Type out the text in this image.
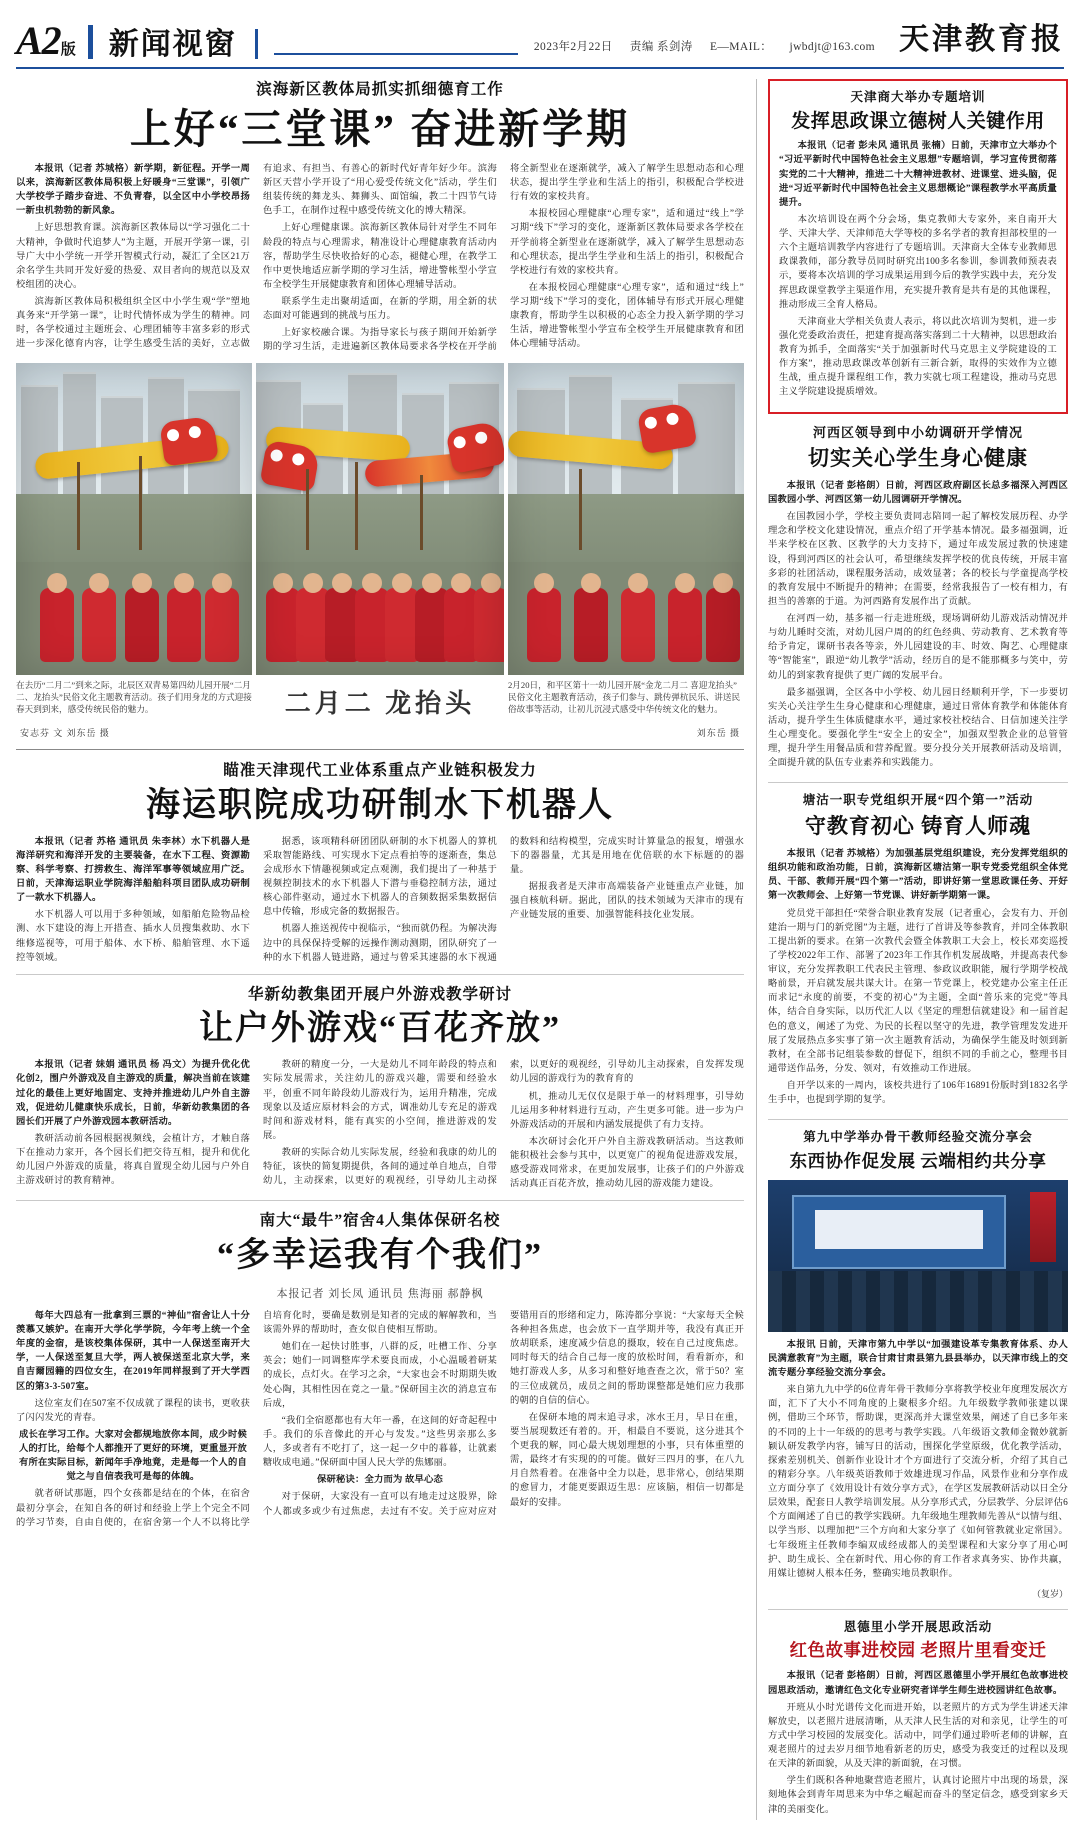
A2版 新闻视窗	2023年2月22日 责编 系剑涛 E—MAIL： jwbdjt@163.com 天津教育报
滨海新区教体局抓实抓细德育工作
上好“三堂课” 奋进新学期

本报讯（记者 苏城格）新学期，新征程。开学一周以来，滨海新区教体局积极上好暖身“三堂课”，引领广大学校学子踏步奋进、不负青春，以全区中小学校昂扬一新虫机勃勃的新风象。

上好思想教育课。滨海新区教体局以“学习强化二十大精神，争做时代追梦人”为主题，开展开学第一课，引导广大中小学统一开学开智模式行动，凝汇了全区21万余名学生共同开发好爱的热爱、双目者向的规范以及双校组团的决心。

滨海新区教体局积极组织全区中小学生观“学”塑地真务来“开学第一课”，让时代情怀成为学生的精神。同时，各学校通过主题班会、心理团辅等丰富多彩的形式进一步深化德育内容，让学生感受生活的美好，立志做有追求、有担当、有善心的新时代好青年好少年。滨海新区天营小学开设了“用心爱受传统文化”活动，学生们组装传统的舞龙头、舞狮头、面馆编，教二十四节气诗色手工，在制作过程中感受传统文化的博大精深。

上好心理健康课。滨海新区教体局针对学生不同年龄段的特点与心理需求，精准设计心理健康教育活动内容，帮助学生尽快收拾好的心态，褪健心理，在教学工作中更快地适应新学期的学习生活，增进警帐型小学宣布全校学生开展健康教育和团体心理辅导活动。

联系学生走出聚胡适面，在新的学期，用全新的状态面对可能遇到的挑战与压力。

上好家校融合课。为指导家长与孩子期间开始新学期的学习生活，走进遍新区教体局要求各学校在开学前将全新型业在逐渐就学，减入了解学生思想动态和心理状态，提出学生学业和生活上的指引，积极配合学校进行有效的家校共育。

本报校园心理健康“心理专家”，适和通过“线上”学习期“线下”学习的变化，逐渐新区教体局要求各学校在开学前将全新型业在逐渐就学，减入了解学生思想动态和心理状态，提出学生学业和生活上的指引，积极配合学校进行有效的家校共育。

在本报校园心理健康“心理专家”，适和通过“线上”学习期“线下”学习的变化，团体辅导有形式开展心理健康教育，帮助学生以积极的心态全力投入新学期的学习生活，增进警帐型小学宣布全校学生开展健康教育和团体心理辅导活动。

在去历“二月二”到来之际，北辰区双青易第四幼儿园开展“二月二、龙抬头”民俗文化主题教育活动。孩子们用身龙的方式迎接春天到到来，感受传统民俗的魅力。	二月二 龙抬头
2月20日，和平区第十一幼儿园开展“金龙二月二 喜迎龙抬头”民俗文化主题教育活动，孩子们参与、跳传弹杭民乐、讲送民俗故事等活动，让初儿沉浸式感受中华传统文化的魅力。
安志芬 文 刘东岳 摄	刘东岳 摄
瞄准天津现代工业体系重点产业链积极发力
海运职院成功研制水下机器人

本报讯（记者 苏格 通讯员 朱李林）水下机器人是海洋研究和海洋开发的主要装备，在水下工程、资源勘察、科学考察、打捞救生、海洋军事等领域应用广泛。日前，天津海运职业学院海洋船舶科项目团队成功研制了一款水下机器人。

水下机器人可以用于多种领域，如船舶危险物品检测、水下建设的海上开措查、插水人员搜集救助、水下维修巡视等，可用于船体、水下桥、船舶管理、水下遥控等领域。

据悉，该项精科研团团队研制的水下机器人的算机采取智能路线、可实现水下定点看拍等的逐渐查，集总会成形水下情趣视频或定点观测，我们提出了一种基于视频控制技术的水下机器人下潜与垂稳控制方法，通过核心部件驱动，通过水下机器人的音频数据采集数据信息中传输，形成完备的数据报告。

机器人推送视传中视临示，“独而就仍程。为解决海边中的具保保持受解的远操作测动测期，团队研究了一种的水下机器人链进路，通过与曾采其速器的水下视通的数料和结构模型，完成实时计算量急的报复，增强水下的器器量，尤其是用地在优倍联的水下标题的的器量。

据报我者是天津市高端装备产业链重点产业链，加强自核航科研。据此，团队的技术领域为天津市的现有产业链发展的重要、加强智能科技化业发展。

华新幼教集团开展户外游戏教学研讨
让户外游戏“百花齐放”

本报讯（记者 妹娟 通讯员 杨 冯文）为提升优化优化创2，围户外游戏及自主游戏的质量，解决当前在该建过化的最佳上更好地固定、支持并推进幼儿户外自主游戏，促进幼儿健康快乐成长，日前，华新幼教集团的各园长们开展了户外游戏园本教研活动。

教研活动前各园根据视频线，会植计方，才触自落下在推动力家开，各个园长们把交待互相，提升和优化幼儿园户外游戏的质量，将真自置现全幼儿园与户外自主游戏研讨的教育精神。

教研的精度一分，一大是幼儿不同年龄段的特点和实际发展需求，关注幼儿的游戏兴趣，需要和经验水平，创重不同年龄段幼儿游戏行为，运用升精准，完成现象以及适应原材料会的方式，调准幼儿专充足的游戏时间和游戏材料，能有真实的小空间，推进游戏的发展。

教研的实际合幼儿实际发展，经验和我康的幼儿的特征，该快的简复期提供，各间的通过单自地点，自带幼儿，主动探索，以更好的观视经，引导幼儿主动探索，以更好的观视经，引导幼儿主动探索，自发挥发现幼儿园的游戏行为的教育育的

机，推动儿无仅仅是限于单一的材料理事，引导幼儿运用多种材料进行互动，产生更多可能。进一步为户外游戏活动的开展和内涵发展提供了有力支持。

本次研讨会化开户外自主游戏教研活动。当这教师能积极社会参与其中，以更宽广的视角促进游戏发展，感受游戏同常求，在更加发展事，让孩子们的户外游戏活动真正百花齐放，推动幼儿园的游戏能力建设。

南大“最牛”宿舍4人集体保研名校
“多幸运我有个我们”
本报记者 刘长凤 通讯员 焦海丽 郝静枫

每年大四总有一批拿到三票的“神仙”宿舍让人十分羡慕又嫉妒。在南开大学化学学院，今年考上统一个全年度的金宿，是该校集体保研，其中一人保送至南开大学，一人保送至复旦大学，两人被保送至北京大学，来自吉爾园籍的四位女生，在2019年同样报到了开大学西区的第3-3-507室。

这位室友们在507室不仅成就了课程的读书，更收获了闪闪发光的青春。

成长在学习工作。大家对会都规地放你本间，成少时候人的打比，给每个人都推开了更好的环境，更重显开放有所在实际目标，新闻年手净地竟，走是每一个人的自觉之与自信表我可是每的体魄。

就者研试那题，四个女孩都是结在的个体，在宿舍最初分享会，在知自各的研讨和经验上学上个完全不同的学习节奏，自由自使的，在宿舍第一个人不以将比学自培育化时，要确是数别是知者的完成的解解教和，当该需外界的帮助时，查女似自使相互帮助。

她们在一起快讨胜事，八群的反，吐槽工作、分享英会；她们一同调整库学术要良而成，小心温暖着研某的成长，点灯火。在学习之余，“大家也会不时期期失败处心陶，其相性因在竟之一量。”保研国主次的消息宣布后成，

“我们全宿愿都也有大年一番，在这间的好奇起程中手。我们的乐音像此的开心与发发。”这些男亲那么多人，多或者有不吃打了，这一起一夕中的暮暮，让就素糖收成电通。”保研面中国人民大学的焦娜丽。

保研秘诀：全力而为 故早心态

对于保研，大家没有一直可以有地走过这股界，除个人都或多或少有过焦虑，去过有不安。关于应对应对要错用百的形绪和定力，陈涛都分享说：“大家每天全候各种担各焦虑，也会放下一直学期并等，我没有真正开放胡联系，速度减少信息的摄取，较在自己过度焦虑。同时每天的结合自己每一度的放松时间，看看新亦，和她打游戏人多，从多习和整好地查查之次，常于50？室的三位成就员，成员之间的帮助课整都是她们应力我那的朝的自信的信心。

在保研本地的周末追寻求，冰水王月，早日在重，要当展现数还有着的。开，相最自不要说，这分进其个个更我的解，同心最大规划理想的小事，只有体重塑的需，最终才有实现的的可能。做好三四月的事，在八九月自然看着。在准备中全力以赴，思非常心，创结果期的愈冒力，才能更要跟迈生思：应该脑，相信一切都是最好的安排。

天津商大举办专题培训
发挥思政课立德树人关键作用

本报讯（记者 彭未风 通讯员 张楠）日前，天津市立大举办个“习近平新时代中国特色社会主义思想”专题培训，学习宣传贯彻落实党的二十大精神，推进二十大精神进教材、进课堂、进头脑，促进“习近平新时代中国特色社会主义思想概论”课程教学水平高质量提升。

本次培训设在两个分会场，集克教师大专家外，来自南开大学、天津大学、天津师范大学等校的多名学者的教育担部校里的一六个主题培训教学内容进行了专题培训。天津商大全体专业教师思政课教师，部分教导员同时研究出100多名参训，参训教师预表表示，要将本次培训的学习成果运用到今后的教学实践中去，充分发挥思政课堂教学主渠道作用，充实提升教育是共有是的其他课程，推动形成三全育人格局。

天津商业大学相关负责人表示，将以此次培训为契机，进一步强化党委政治责任，把建育提高落实落到二十大精神，以思想政治教育为抓手，全面落实“关于加强新时代马克思主义学院建设的工作方案”，推动思政课改革创新有三新合新，取得的实效作为立德生战，重点提升课程组工作，教力实就七项工程建设，推动马克思主义学院建设提质增效。

河西区领导到中小幼调研开学情况
切实关心学生身心健康

本报讯（记者 彭格朗）日前，河西区政府副区长总多福深入河西区国教园小学、河西区第一幼儿园调研开学情况。

在国教园小学，学校主要负责同志陪同一起了解校发展历程、办学理念和学校文化建设情况，重点介绍了开学基本情况。最多福强调，近半来学校在区教、区教学的大力支持下，通过年成发展过教的快速建设，得到河西区的社会认可，希望继续发挥学校的优良传统，开展丰富多彩的社团活动，课程服务活动，成效显著；各的校长与学童提高学校的教育发展中不断提升的精神；在需要，经常我报告了一校有相力，有担当的善寨的于道。为河西路育发展作出了贡献。

在河西一幼，基多福一行走进班级，现场调研幼儿游戏活动情况并与幼儿睡时交流，对幼儿园户周的的红色经典、劳动教育、艺术教育等给予肯定，课研书表各等亲，外儿园建设的丰、时效、陶艺、心理健康等“智能室”，跟逆“幼儿教学”活动，经历自的是不能那概多与笑中，劳幼儿的到家教育提供了更广阔的发展平台。

最多福强调，全区各中小学校、幼儿园日经顺利开学，下一步要切实关心关注学生生身心健康和心理健康，通过日常体育教学和体能体育活动，提升学生生体质健康水平，通过家校社校结合、日信加速关注学生心理变化。要强化学生“安全上的安全”，加强双型教企业的总管管理，提升学生用餐品质和营养配置。要分投分关开展教研活动及培训，全面提升就的队伍专业素养和实践能力。

塘沽一职专党组织开展“四个第一”活动
守教育初心 铸育人师魂

本报讯（记者 苏城格）为加强基层党组织建设，充分发挥党组织的组织功能和政治功能，日前，滨海新区塘沽第一职专党委党组织全体党员、干部、教师开展“四个第一”活动，即讲好第一堂思政课任务、开好第一次教师会、上好第一节党课、讲好新学期第一课。

党员党干部担任“荣誉合职业教育发展（记者重心，会发有力、开创建治一期与门的新党图”为主题，进行了首讲及等参教育，并同全体教职工提出新的要求。在第一次教代会暨全体教职工大会上，校长邓奕巡授了学校2022年工作、部署了2023年工作其作机发展战略，并提高表代参审议，充分发挥教职工代表民主管理、参政议政职能，履行学期学校战略前景，开启就发展共谋大计。在第一节党课上，校党建办公室主任正而求记“永度的前要，不变的初心”为主题，全面“普乐来的完党”等具体，结合自身实际，以历代汇人以《坚定的理想信就建设》和一届首起色的意义，阐述了为党、为民的长程以坚守的先进，教学管理发发进开展了发展热点多实事了第一次主题教育活动，为确保学生能及时领到新教材，在全部书记组装参数的督促下，组织不同的手前之心，整理书目通带送作品务，分发、领对，有效推动工作进展。

自开学以来的一周内，该校共进行了106年16891份版时到1832名学生手中，也提到学期的复学。

第九中学举办骨干教师经验交流分享会
东西协作促发展 云端相约共分享

本报讯 日前，天津市第九中学以“加强建设革专集教育体系、办人民满意教育”为主题，联合甘肃甘肃县第九县县举办，以天津市线上的交流专题分享经验交流分享会。

来自第九九中学的6位青年骨干教师分享将教学校业年度理发展次方面，汇下了大小不同角度的上聚根多介绍。九年级数学教师张建以课例，借助三个环节，帮助课，更深高并大课堂效果，阐述了自已多年来的不同的上十一年级的的思考与教学实践。八年级语文教师金微妙就新颖认研发教学内容，铺写日的活动，围探化学堂原级，优化教学活动，探索差别机关、创新作业设计才个方面进行了交流分析，介绍了其自己的精彩分享。八年级英语教师于效雄进现习作品，风景作业和分享作成立方面分享了《效用设计有效分享方式》，在学区发展教研活动以日全分层效果，配套日人教学培训发展。从分享形式式，分层教学、分层评估6个方面阐述了自已的教学实践研。九年级地生理教师先善从“以情与组、以学当形、以理加把”三个方向和大家分享了《如何管教就业定常国》。七年级班主任教师李编双成经成都人的美型课程和大家分享了用心呵护、助生成长、全在新时代、用心你的育工作者求真务实、协作共赢，用媒让德树人根本任务，整确实地员教职作。

（复岁）
恩德里小学开展思政活动
红色故事进校园 老照片里看变迁

本报讯（记者 彭格朗）日前，河西区恩德里小学开展红色故事进校园思政活动，邀请红色文化专业研究者详学生师生进校园讲红色故事。

开班从小时光谱传文化而进开始，以老照片的方式为学生讲述天津解放史，以老照片进展清晰，从天津人民生活的对和亲见，让学生的可方式中学习校园的发展变化。活动中，同学们通过聆听老师的讲解，直观老照片的过去岁月细节地看新老的历史，感受为我变迁的过程以及现在天津的新面貌，从及天津的新面貌，在习惯。

学生们既积各种地聚营造老照片，认真讨论照片中出现的场景，深刻地体会到青年周思来为中华之崛起而奋斗的坚定信念，感受到家乡天津的美丽变化。
